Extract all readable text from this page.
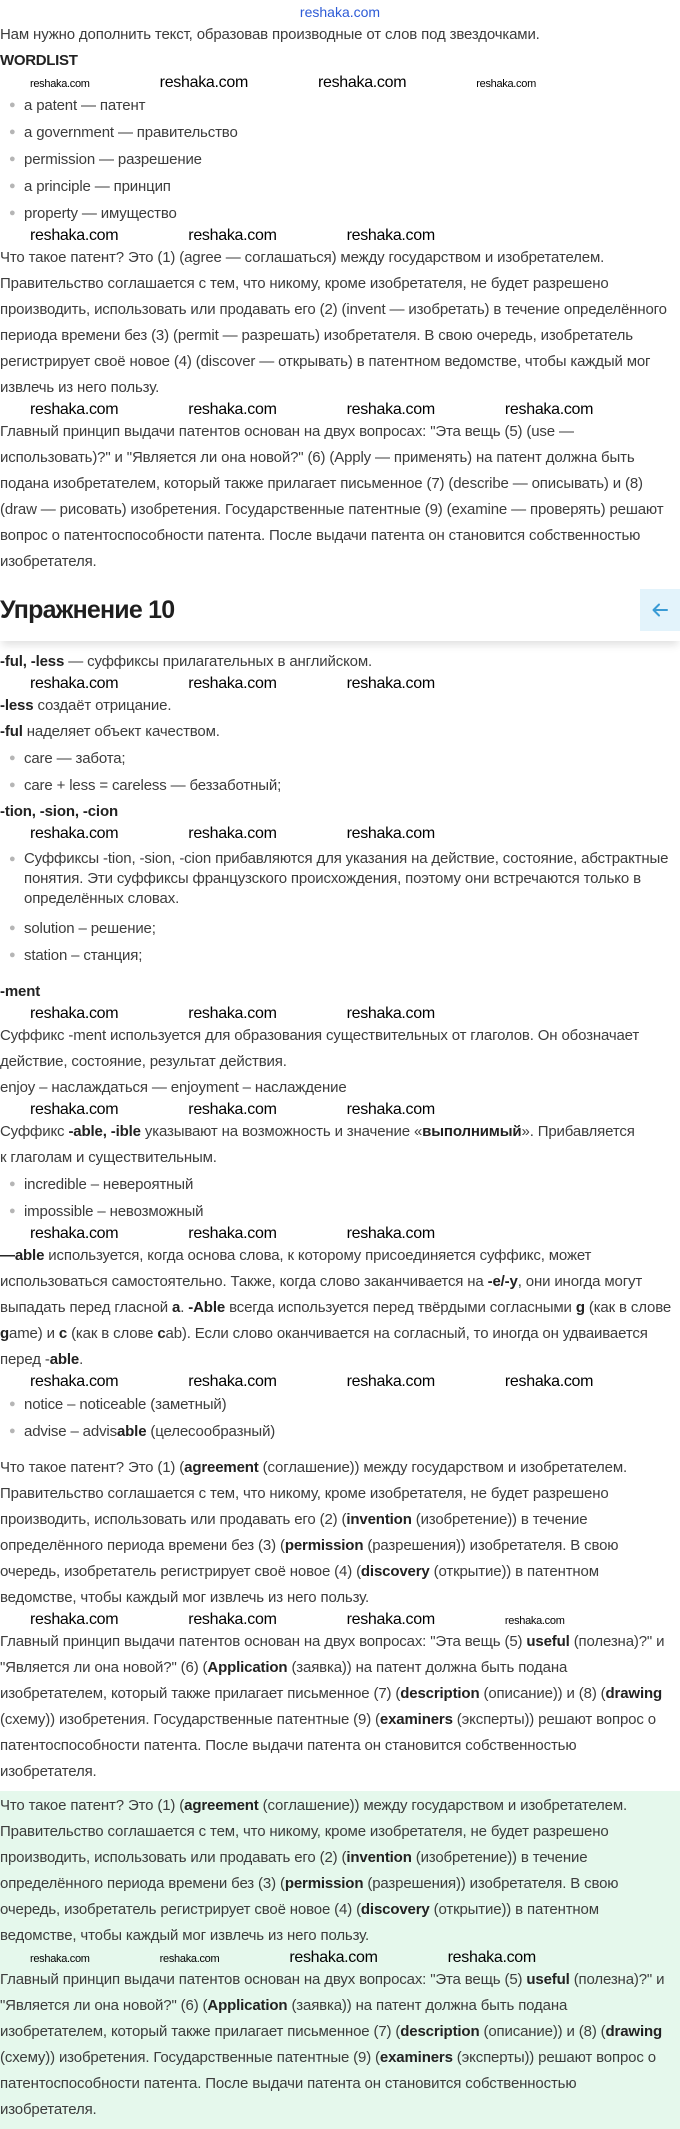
reshaka.com
Нам нужно дополнить текст, образовав производные от слов под звездочками.
WORDLIST
reshaka.com	reshaka.com	reshaka.com	reshaka.com
● a patent — патент
● a government — правительство
● permission — разрешение
● a principle — принцип
● property — имущество
reshaka.com	reshaka.com	reshaka.com
Что такое патент? Это (1) (agree — соглашаться) между государством и изобретателем. Правительство соглашается с тем, что никому, кроме изобретателя, не будет разрешено производить, использовать или продавать его (2) (invent — изобретать) в течение определённого периода времени без (3) (permit — разрешать) изобретателя. В свою очередь, изобретатель регистрирует своё новое (4) (discover — открывать) в патентном ведомстве, чтобы каждый мог извлечь из него пользу.
reshaka.com	reshaka.com	reshaka.com	reshaka.com
Главный принцип выдачи патентов основан на двух вопросах: "Эта вещь (5) (use — использовать)?" и "Является ли она новой?" (6) (Apply — применять) на патент должна быть подана изобретателем, который также прилагает письменное (7) (describe — описывать) и (8) (draw — рисовать) изобретения. Государственные патентные (9) (examine — проверять) решают вопрос о патентоспособности патента. После выдачи патента он становится собственностью изобретателя.
Упражнение 10
-ful, -less — суффиксы прилагательных в английском.
reshaka.com	reshaka.com	reshaka.com
-less создаёт отрицание.
-ful наделяет объект качеством.
● care — забота;
● care + less = careless — беззаботный;
-tion, -sion, -cion
reshaka.com	reshaka.com	reshaka.com
● Суффиксы -tion, -sion, -cion прибавляются для указания на действие, состояние, абстрактные понятия. Эти суффиксы французского происхождения, поэтому они встречаются только в определённых словах.
● solution – решение;
● station – станция;
-ment
reshaka.com	reshaka.com	reshaka.com
Суффикс -ment используется для образования существительных от глаголов. Он обозначает действие, состояние, результат действия.
enjoy – наслаждаться — enjoyment – наслаждение
reshaka.com	reshaka.com	reshaka.com
Суффикс -able, -ible указывают на возможность и значение «выполнимый». Прибавляется к глаголам и существительным.
● incredible – невероятный
● impossible – невозможный
reshaka.com	reshaka.com	reshaka.com
—able используется, когда основа слова, к которому присоединяется суффикс, может использоваться самостоятельно. Также, когда слово заканчивается на -e/-y, они иногда могут выпадать перед гласной a. -Able всегда используется перед твёрдыми согласными g (как в слове game) и c (как в слове cab). Если слово оканчивается на согласный, то иногда он удваивается перед -able.
reshaka.com	reshaka.com	reshaka.com	reshaka.com
● notice – noticeable (заметный)
● advise – advisable (целесообразный)
Что такое патент? Это (1) (agreement (соглашение)) между государством и изобретателем. Правительство соглашается с тем, что никому, кроме изобретателя, не будет разрешено производить, использовать или продавать его (2) (invention (изобретение)) в течение определённого периода времени без (3) (permission (разрешения)) изобретателя. В свою очередь, изобретатель регистрирует своё новое (4) (discovery (открытие)) в патентном ведомстве, чтобы каждый мог извлечь из него пользу.
reshaka.com	reshaka.com	reshaka.com	reshaka.com
Главный принцип выдачи патентов основан на двух вопросах: "Эта вещь (5) useful (полезна)?" и "Является ли она новой?" (6) (Application (заявка)) на патент должна быть подана изобретателем, который также прилагает письменное (7) (description (описание)) и (8) (drawing (схему)) изобретения. Государственные патентные (9) (examiners (эксперты)) решают вопрос о патентоспособности патента. После выдачи патента он становится собственностью изобретателя.
Что такое патент? Это (1) (agreement (соглашение)) между государством и изобретателем. Правительство соглашается с тем, что никому, кроме изобретателя, не будет разрешено производить, использовать или продавать его (2) (invention (изобретение)) в течение определённого периода времени без (3) (permission (разрешения)) изобретателя. В свою очередь, изобретатель регистрирует своё новое (4) (discovery (открытие)) в патентном ведомстве, чтобы каждый мог извлечь из него пользу.
reshaka.com	reshaka.com	reshaka.com	reshaka.com
Главный принцип выдачи патентов основан на двух вопросах: "Эта вещь (5) useful (полезна)?" и "Является ли она новой?" (6) (Application (заявка)) на патент должна быть подана изобретателем, который также прилагает письменное (7) (description (описание)) и (8) (drawing (схему)) изобретения. Государственные патентные (9) (examiners (эксперты)) решают вопрос о патентоспособности патента. После выдачи патента он становится собственностью изобретателя.
